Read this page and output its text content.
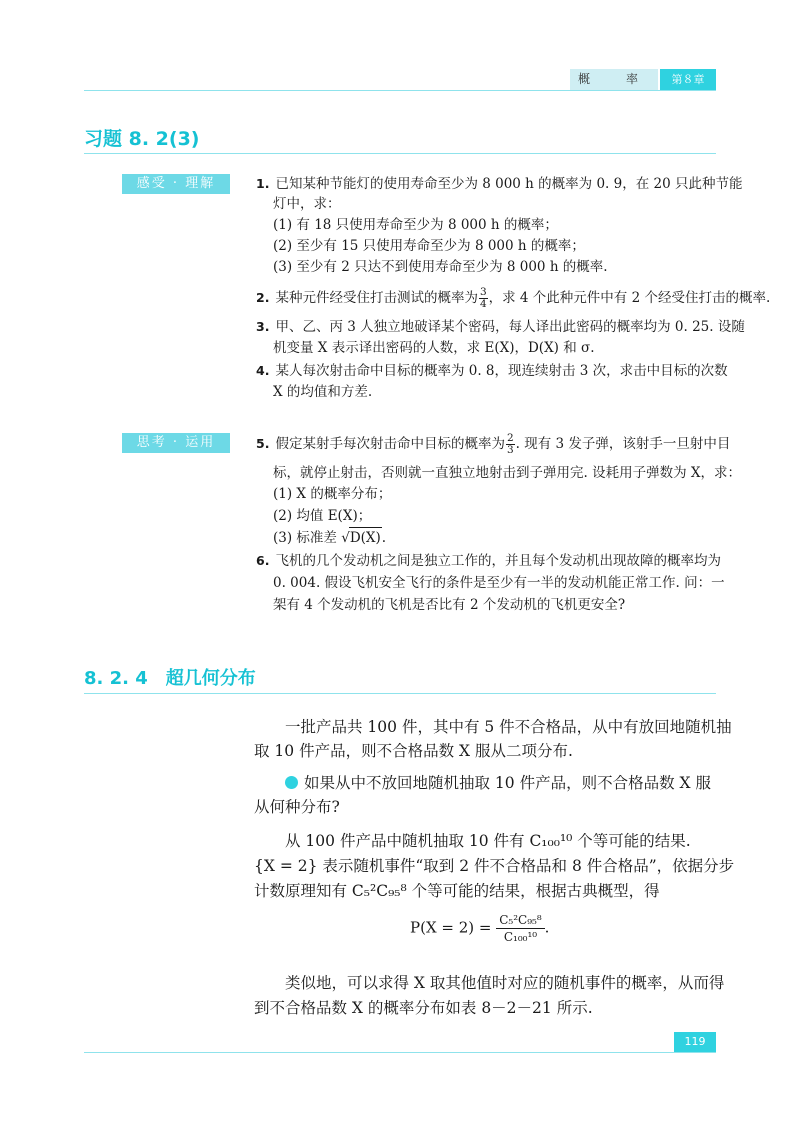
概　率	第８章
习题 8. 2(3)
感受 · 理解	1. 已知某种节能灯的使用寿命至少为 8 000 h 的概率为 0. 9，在 20 只此种节能
灯中，求：
(1) 有 18 只使用寿命至少为 8 000 h 的概率；
(2) 至少有 15 只使用寿命至少为 8 000 h 的概率；
(3) 至少有 2 只达不到使用寿命至少为 8 000 h 的概率.
2. 某种元件经受住打击测试的概率为 $\frac{3}{4}$ ，求 4 个此种元件中有 2 个经受住打击的概率.
3. 甲、乙、丙 3 人独立地破译某个密码，每人译出此密码的概率均为 0. 25. 设随
机变量 X 表示译出密码的人数，求 E(X)，D(X) 和 σ.
4. 某人每次射击命中目标的概率为 0. 8，现连续射击 3 次，求击中目标的次数
X 的均值和方差.
思考 · 运用	5. 假定某射手每次射击命中目标的概率为 $\frac{2}{3}$ . 现有 3 发子弹，该射手一旦射中目
标，就停止射击，否则就一直独立地射击到子弹用完. 设耗用子弹数为 X，求：
(1) X 的概率分布；
(2) 均值 E(X)；
(3) 标准差 √D(X).
6. 飞机的几个发动机之间是独立工作的，并且每个发动机出现故障的概率均为
0. 004. 假设飞机安全飞行的条件是至少有一半的发动机能正常工作. 问：一
架有 4 个发动机的飞机是否比有 2 个发动机的飞机更安全?
8. 2. 4　超几何分布
一批产品共 100 件，其中有 5 件不合格品，从中有放回地随机抽
取 10 件产品，则不合格品数 X 服从二项分布.
如果从中不放回地随机抽取 10 件产品，则不合格品数 X 服
从何种分布?
从 100 件产品中随机抽取 10 件有 C₁₀₀¹⁰ 个等可能的结果.
{X = 2} 表示随机事件“取到 2 件不合格品和 8 件合格品”，依据分步
计数原理知有 C₅²C₉₅⁸ 个等可能的结果，根据古典概型，得
$P(X = 2) = \frac{\text{C₅²C₉₅⁸}}{\text{C₁₀₀¹⁰}}$ .
类似地，可以求得 X 取其他值时对应的随机事件的概率，从而得
到不合格品数 X 的概率分布如表 8－2－21 所示.
119
